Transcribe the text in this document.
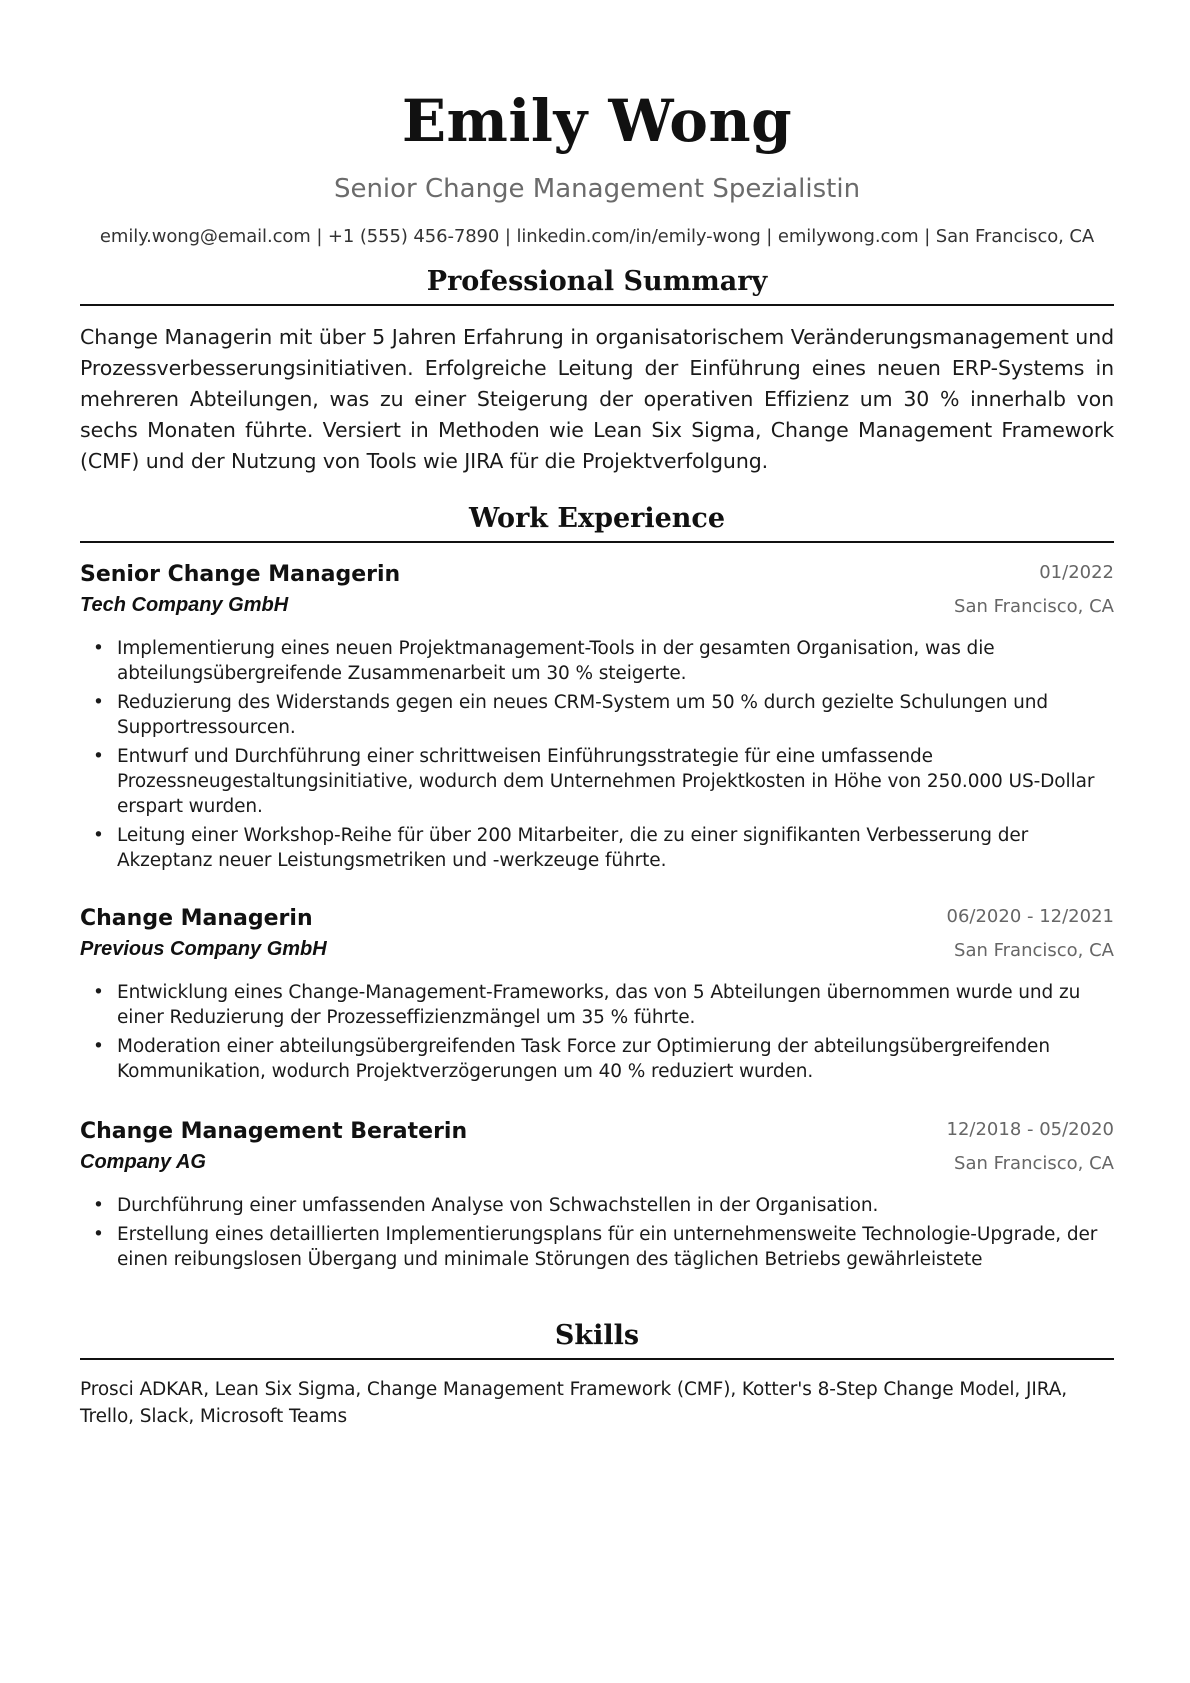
Emily Wong
Senior Change Management Spezialistin
emily.wong@email.com | +1 (555) 456-7890 | linkedin.com/in/emily-wong | emilywong.com | San Francisco, CA
Professional Summary
Change Managerin mit über 5 Jahren Erfahrung in organisatorischem Veränderungsmanagement und Prozessverbesserungsinitiativen. Erfolgreiche Leitung der Einführung eines neuen ERP-Systems in mehreren Abteilungen, was zu einer Steigerung der operativen Effizienz um 30 % innerhalb von sechs Monaten führte. Versiert in Methoden wie Lean Six Sigma, Change Management Framework (CMF) und der Nutzung von Tools wie JIRA für die Projektverfolgung.
Work Experience
Senior Change Managerin	01/2022
Tech Company GmbH	San Francisco, CA
• Implementierung eines neuen Projektmanagement-Tools in der gesamten Organisation, was die abteilungsübergreifende Zusammenarbeit um 30 % steigerte.
• Reduzierung des Widerstands gegen ein neues CRM-System um 50 % durch gezielte Schulungen und Supportressourcen.
• Entwurf und Durchführung einer schrittweisen Einführungsstrategie für eine umfassende Prozessneugestaltungsinitiative, wodurch dem Unternehmen Projektkosten in Höhe von 250.000 US-Dollar erspart wurden.
• Leitung einer Workshop-Reihe für über 200 Mitarbeiter, die zu einer signifikanten Verbesserung der Akzeptanz neuer Leistungsmetriken und -werkzeuge führte.
Change Managerin	06/2020 - 12/2021
Previous Company GmbH	San Francisco, CA
• Entwicklung eines Change-Management-Frameworks, das von 5 Abteilungen übernommen wurde und zu einer Reduzierung der Prozesseffizienzmängel um 35 % führte.
• Moderation einer abteilungsübergreifenden Task Force zur Optimierung der abteilungsübergreifenden Kommunikation, wodurch Projektverzögerungen um 40 % reduziert wurden.
Change Management Beraterin	12/2018 - 05/2020
Company AG	San Francisco, CA
• Durchführung einer umfassenden Analyse von Schwachstellen in der Organisation.
• Erstellung eines detaillierten Implementierungsplans für ein unternehmensweite Technologie-Upgrade, der einen reibungslosen Übergang und minimale Störungen des täglichen Betriebs gewährleistete
Skills
Prosci ADKAR, Lean Six Sigma, Change Management Framework (CMF), Kotter's 8-Step Change Model, JIRA, Trello, Slack, Microsoft Teams
